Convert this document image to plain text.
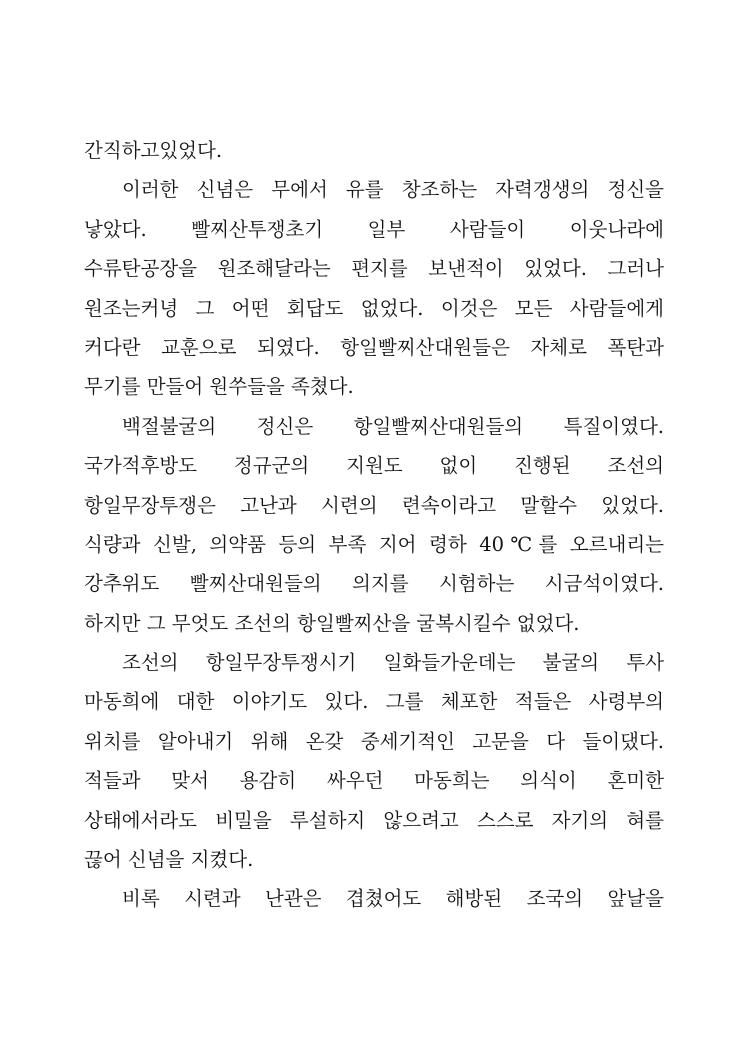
간직하고있었다.
이러한 신념은 무에서 유를 창조하는 자력갱생의 정신을
낳았다. 빨찌산투쟁초기 일부 사람들이 이웃나라에
수류탄공장을 원조해달라는 편지를 보낸적이 있었다. 그러나
원조는커녕 그 어떤 회답도 없었다. 이것은 모든 사람들에게
커다란 교훈으로 되였다. 항일빨찌산대원들은 자체로 폭탄과
무기를 만들어 원쑤들을 족쳤다.
백절불굴의 정신은 항일빨찌산대원들의 특질이였다.
국가적후방도 정규군의 지원도 없이 진행된 조선의
항일무장투쟁은 고난과 시련의 련속이라고 말할수 있었다.
식량과 신발, 의약품 등의 부족 지어 령하 40℃를 오르내리는
강추위도 빨찌산대원들의 의지를 시험하는 시금석이였다.
하지만 그 무엇도 조선의 항일빨찌산을 굴복시킬수 없었다.
조선의 항일무장투쟁시기 일화들가운데는 불굴의 투사
마동희에 대한 이야기도 있다. 그를 체포한 적들은 사령부의
위치를 알아내기 위해 온갖 중세기적인 고문을 다 들이댔다.
적들과 맞서 용감히 싸우던 마동희는 의식이 혼미한
상태에서라도 비밀을 루설하지 않으려고 스스로 자기의 혀를
끊어 신념을 지켰다.
비록 시련과 난관은 겹쳤어도 해방된 조국의 앞날을
